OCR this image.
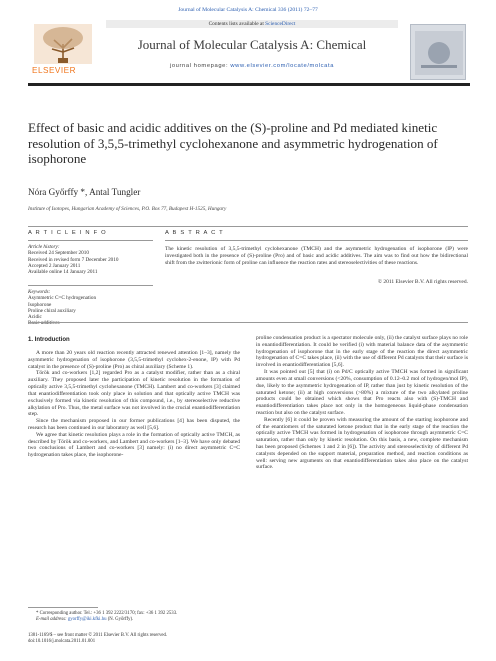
Journal of Molecular Catalysis A: Chemical 336 (2011) 72–77
ELSEVIER
Contents lists available at ScienceDirect
Journal of Molecular Catalysis A: Chemical
journal homepage: www.elsevier.com/locate/molcata
Effect of basic and acidic additives on the (S)-proline and Pd mediated kinetic resolution of 3,5,5-trimethyl cyclohexanone and asymmetric hydrogenation of isophorone
Nóra Győrffy *, Antal Tungler
Institute of Isotopes, Hungarian Academy of Sciences, P.O. Box 77, Budapest H-1525, Hungary
A R T I C L E I N F O	A B S T R A C T
Article history:
Received 24 September 2010
Received in revised form 7 December 2010
Accepted 2 January 2011
Available online 14 January 2011
Keywords:
Asymmetric C=C hydrogenation
Isophorone
Proline chiral auxiliary
Acidic
Basic additives
The kinetic resolution of 3,5,5-trimethyl cyclohexanone (TMCH) and the asymmetric hydrogenation of isophorone (IP) were investigated both in the presence of (S)-proline (Pro) and of basic and acidic additives. The aim was to find out how the bidirectional shift from the zwitterionic form of proline can influence the reaction rates and stereoselectivities of these reactions.
© 2011 Elsevier B.V. All rights reserved.
1. Introduction

A more than 20 years old reaction recently attracted renewed attention [1–3], namely the asymmetric hydrogenation of isophorone (3,5,5-trimethyl cyclohex-2-enone, IP) with Pd catalyst in the presence of (S)-proline (Pro) as chiral auxiliary (Scheme 1).

Török and co-workers [1,2] regarded Pro as a catalyst modifier, rather than as a chiral auxiliary. They proposed later the participation of kinetic resolution in the formation of optically active 3,5,5-trimethyl cyclohexanone (TMCH). Lambert and co-workers [3] claimed that enantiodifferentiation took only place in solution and that optically active TMCH was exclusively formed via kinetic resolution of this compound, i.e., by stereoselective reductive alkylation of Pro. Thus, the metal surface was not involved in the crucial enantiodifferentiation step.

Since the mechanism proposed in our former publications [4] has been disputed, the research has been continued in our laboratory as well [5,6].

We agree that kinetic resolution plays a role in the formation of optically active TMCH, as described by Török and co-workers, and Lambert and co-workers [1–3]. We have only debated two conclusions of Lambert and co-workers [3] namely: (i) no direct asymmetric C=C hydrogenation takes place, the isophorone-

proline condensation product is a spectator molecule only, (ii) the catalyst surface plays no role in enantiodifferentiation. It could be verified (i) with material balance data of the asymmetric hydrogenation of isophorone that in the early stage of the reaction the direct asymmetric hydrogenation of C=C takes place, (ii) with the use of different Pd catalysts that their surface is involved in enantiodifferentiation [5,6].

It was pointed out [5] that (i) on Pd/C optically active TMCH was formed in significant amounts even at small conversions (<20%, consumption of 0.12–0.2 mol of hydrogen/mol IP), due, likely to the asymmetric hydrogenation of IP, rather than just by kinetic resolution of the saturated ketone; (ii) at high conversions (>80%) a mixture of the two alkylated proline products could be obtained which shows that Pro reacts also with (S)-TMCH and enantiodifferentiation takes place not only in the homogeneous liquid-phase condensation reaction but also on the catalyst surface.

Recently [6] it could be proven with measuring the amount of the starting isophorone and of the enantiomers of the saturated ketone product that in the early stage of the reaction the optically active TMCH was formed in hydrogenation of isophorone through asymmetric C=C saturation, rather than only by kinetic resolution. On this basis, a new, complete mechanism has been proposed (Schemes 1 and 2 in [6]). The activity and stereoselectivity of different Pd catalysts depended on the support material, preparation method, and reaction conditions as well: serving new arguments on that enantiodifferentiation takes also place on the catalyst surface.

* Corresponding author. Tel.: +36 1 392 2222/3170; fax: +36 1 392 2533.
E-mail address: gyorffy@iki.kfki.hu (N. Győrffy).
1381-1169/$ – see front matter © 2011 Elsevier B.V. All rights reserved.
doi:10.1016/j.molcata.2011.01.001
